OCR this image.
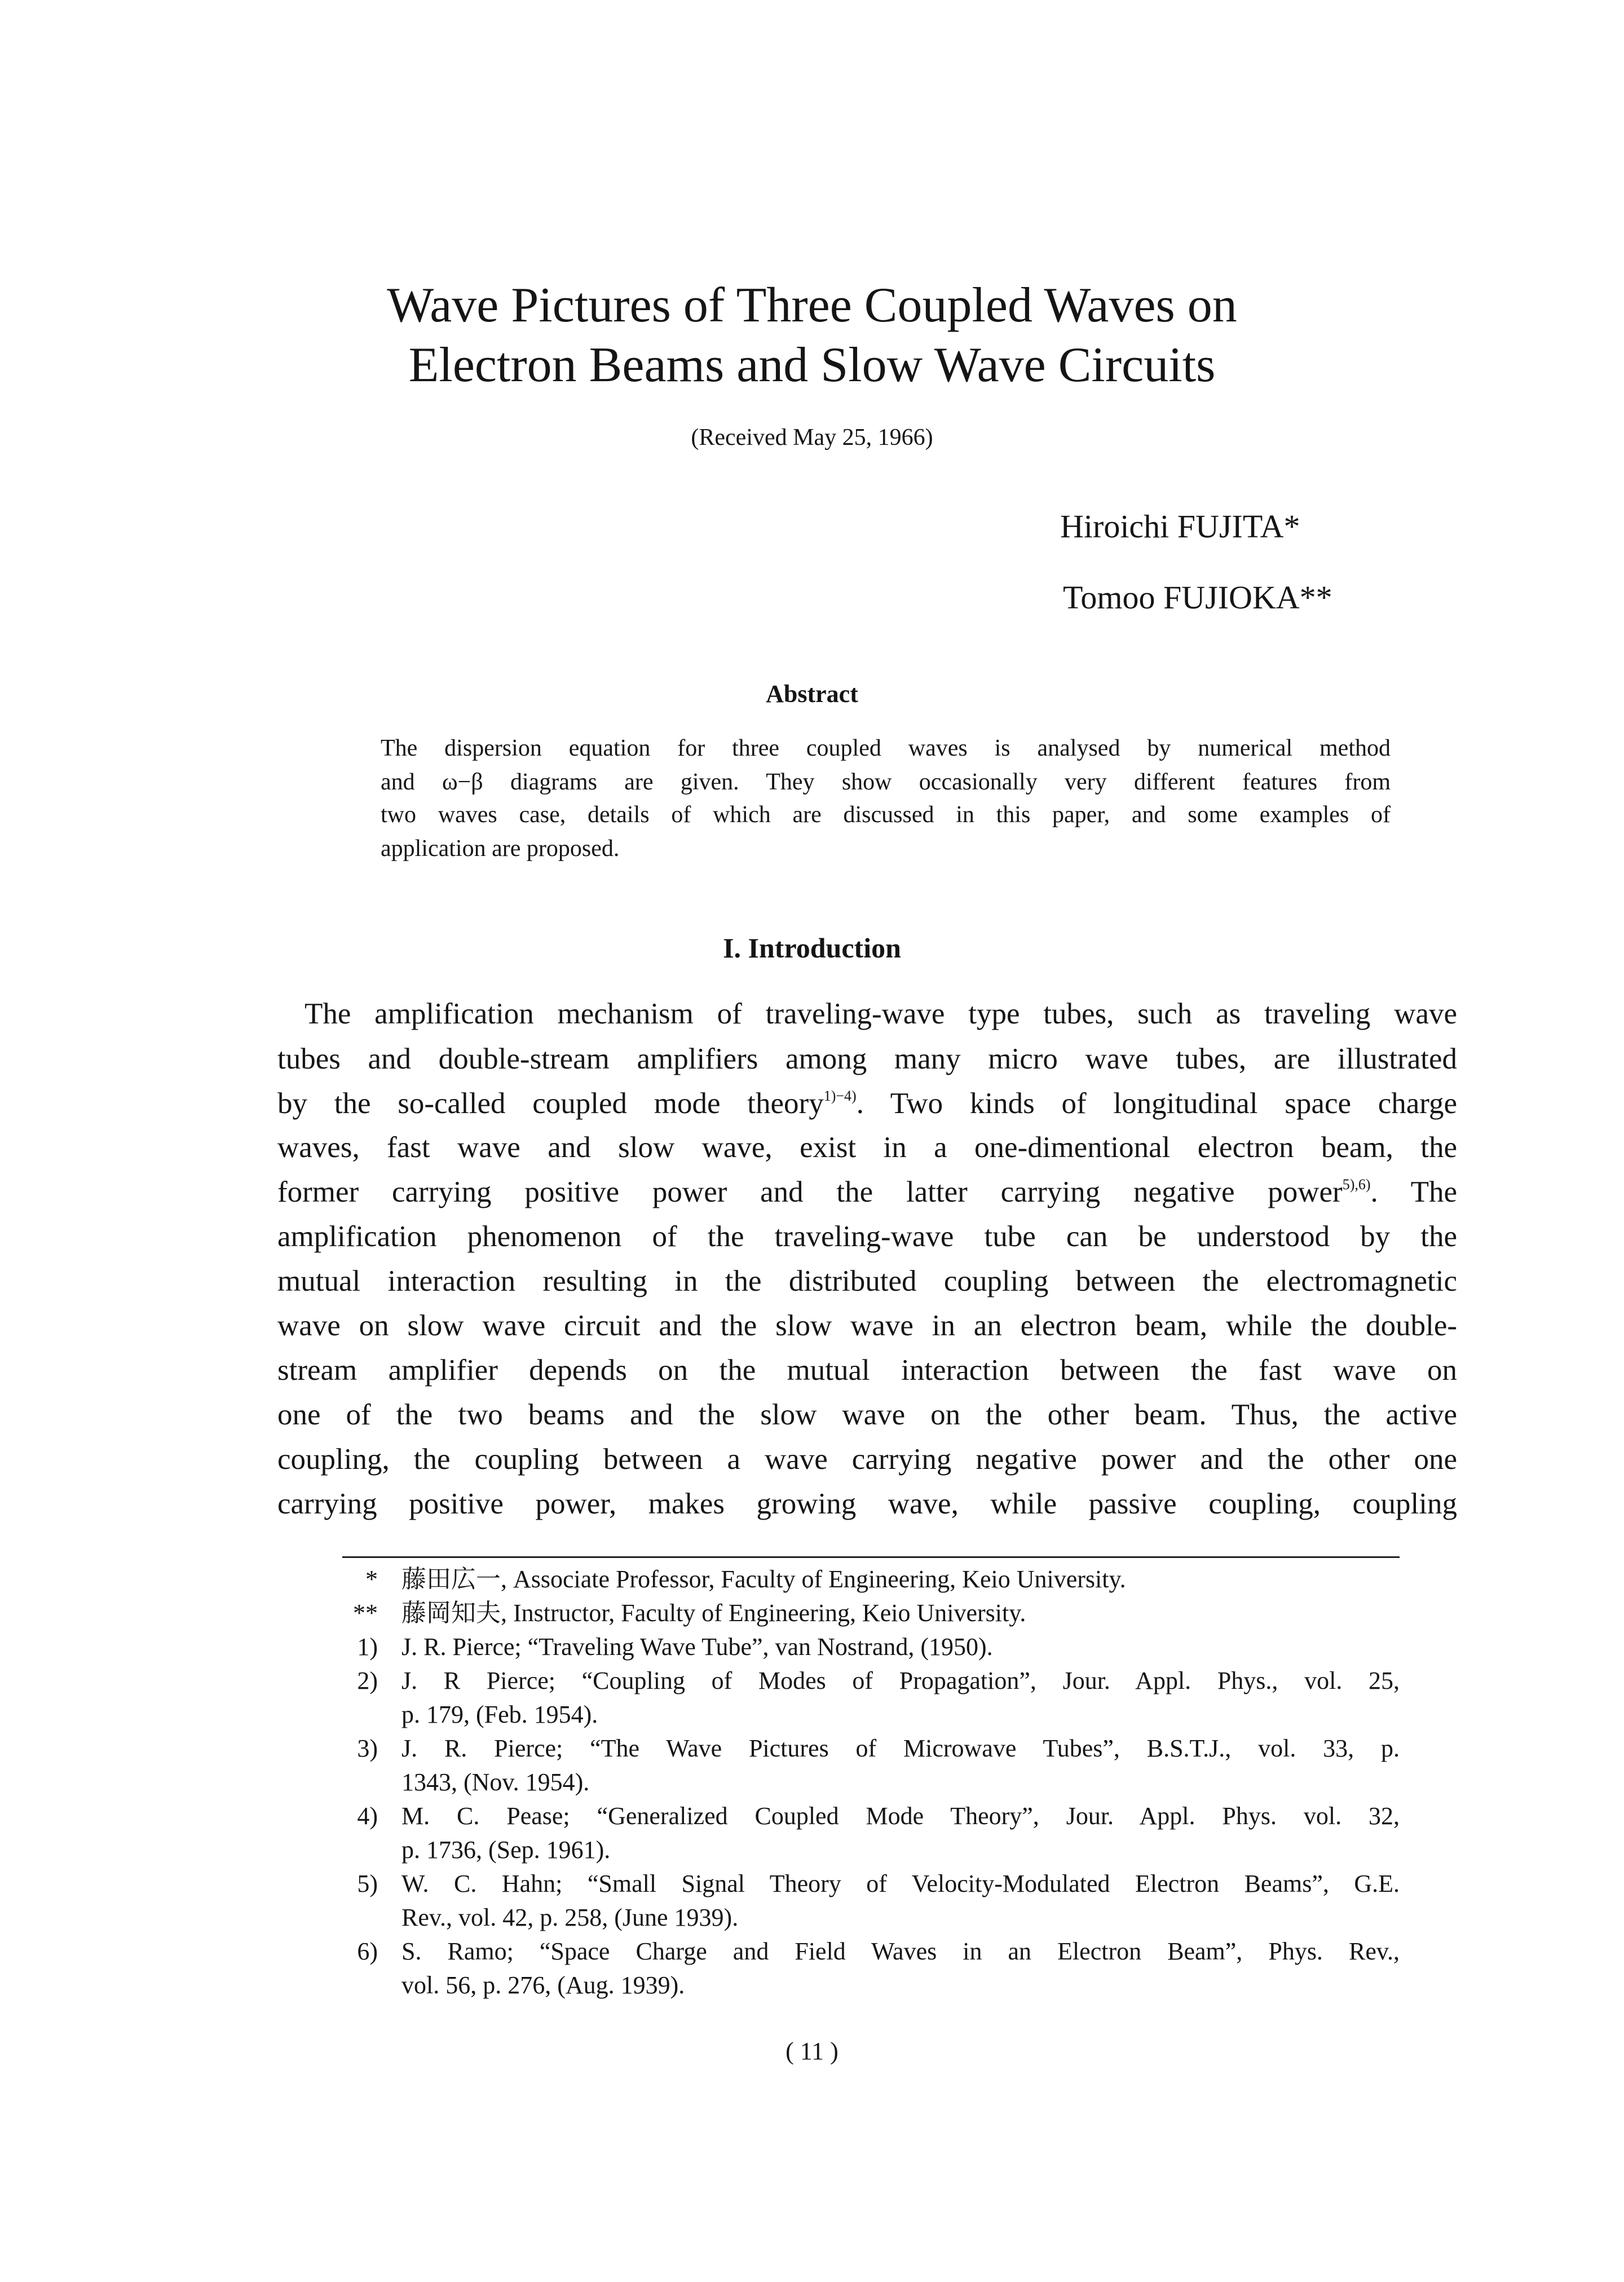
Wave Pictures of Three Coupled Waves on
Electron Beams and Slow Wave Circuits
(Received May 25, 1966)
Hiroichi FUJITA*
Tomoo FUJIOKA**
Abstract
The dispersion equation for three coupled waves is analysed by numerical method
and ω−β diagrams are given. They show occasionally very different features from
two waves case, details of which are discussed in this paper, and some examples of
application are proposed.
I. Introduction
The amplification mechanism of traveling-wave type tubes, such as traveling wave
tubes and double-stream amplifiers among many micro wave tubes, are illustrated
by the so-called coupled mode theory$^{1)-4)}$. Two kinds of longitudinal space charge
waves, fast wave and slow wave, exist in a one-dimentional electron beam, the
former carrying positive power and the latter carrying negative power$^{5),6)}$. The
amplification phenomenon of the traveling-wave tube can be understood by the
mutual interaction resulting in the distributed coupling between the electromagnetic
wave on slow wave circuit and the slow wave in an electron beam, while the double-
stream amplifier depends on the mutual interaction between the fast wave on
one of the two beams and the slow wave on the other beam. Thus, the active
coupling, the coupling between a wave carrying negative power and the other one
carrying positive power, makes growing wave, while passive coupling, coupling
* 藤田広一, Associate Professor, Faculty of Engineering, Keio University.
** 藤岡知夫, Instructor, Faculty of Engineering, Keio University.
1) J. R. Pierce; “Traveling Wave Tube”, van Nostrand, (1950).
2) J. R Pierce; “Coupling of Modes of Propagation”, Jour. Appl. Phys., vol. 25,
p. 179, (Feb. 1954).
3) J. R. Pierce; “The Wave Pictures of Microwave Tubes”, B.S.T.J., vol. 33, p.
1343, (Nov. 1954).
4) M. C. Pease; “Generalized Coupled Mode Theory”, Jour. Appl. Phys. vol. 32,
p. 1736, (Sep. 1961).
5) W. C. Hahn; “Small Signal Theory of Velocity-Modulated Electron Beams”, G.E.
Rev., vol. 42, p. 258, (June 1939).
6) S. Ramo; “Space Charge and Field Waves in an Electron Beam”, Phys. Rev.,
vol. 56, p. 276, (Aug. 1939).
( 11 )
